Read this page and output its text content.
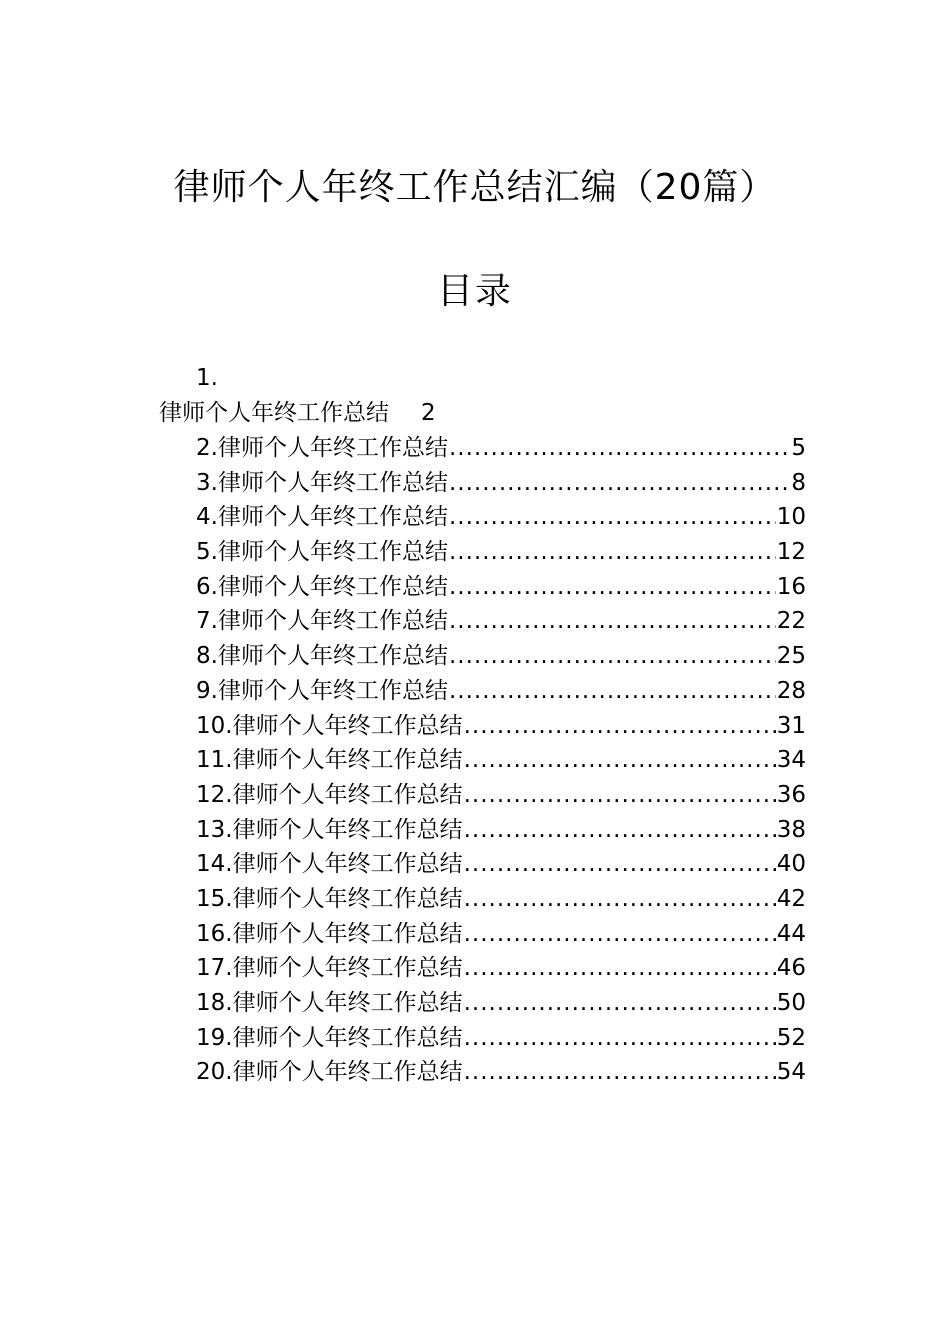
律师个人年终工作总结汇编（20篇）
目录
1.
律师个人年终工作总结 2
2.律师个人年终工作总结 .....	5
3.律师个人年终工作总结 .....	8
4.律师个人年终工作总结 .....	10
5.律师个人年终工作总结 .....	12
6.律师个人年终工作总结 .....	16
7.律师个人年终工作总结 .....	22
8.律师个人年终工作总结 .....	25
9.律师个人年终工作总结 .....	28
10.律师个人年终工作总结 .....	31
11.律师个人年终工作总结 .....	34
12.律师个人年终工作总结 .....	36
13.律师个人年终工作总结 .....	38
14.律师个人年终工作总结 .....	40
15.律师个人年终工作总结 .....	42
16.律师个人年终工作总结 .....	44
17.律师个人年终工作总结 .....	46
18.律师个人年终工作总结 .....	50
19.律师个人年终工作总结 .....	52
20.律师个人年终工作总结 .....	54
